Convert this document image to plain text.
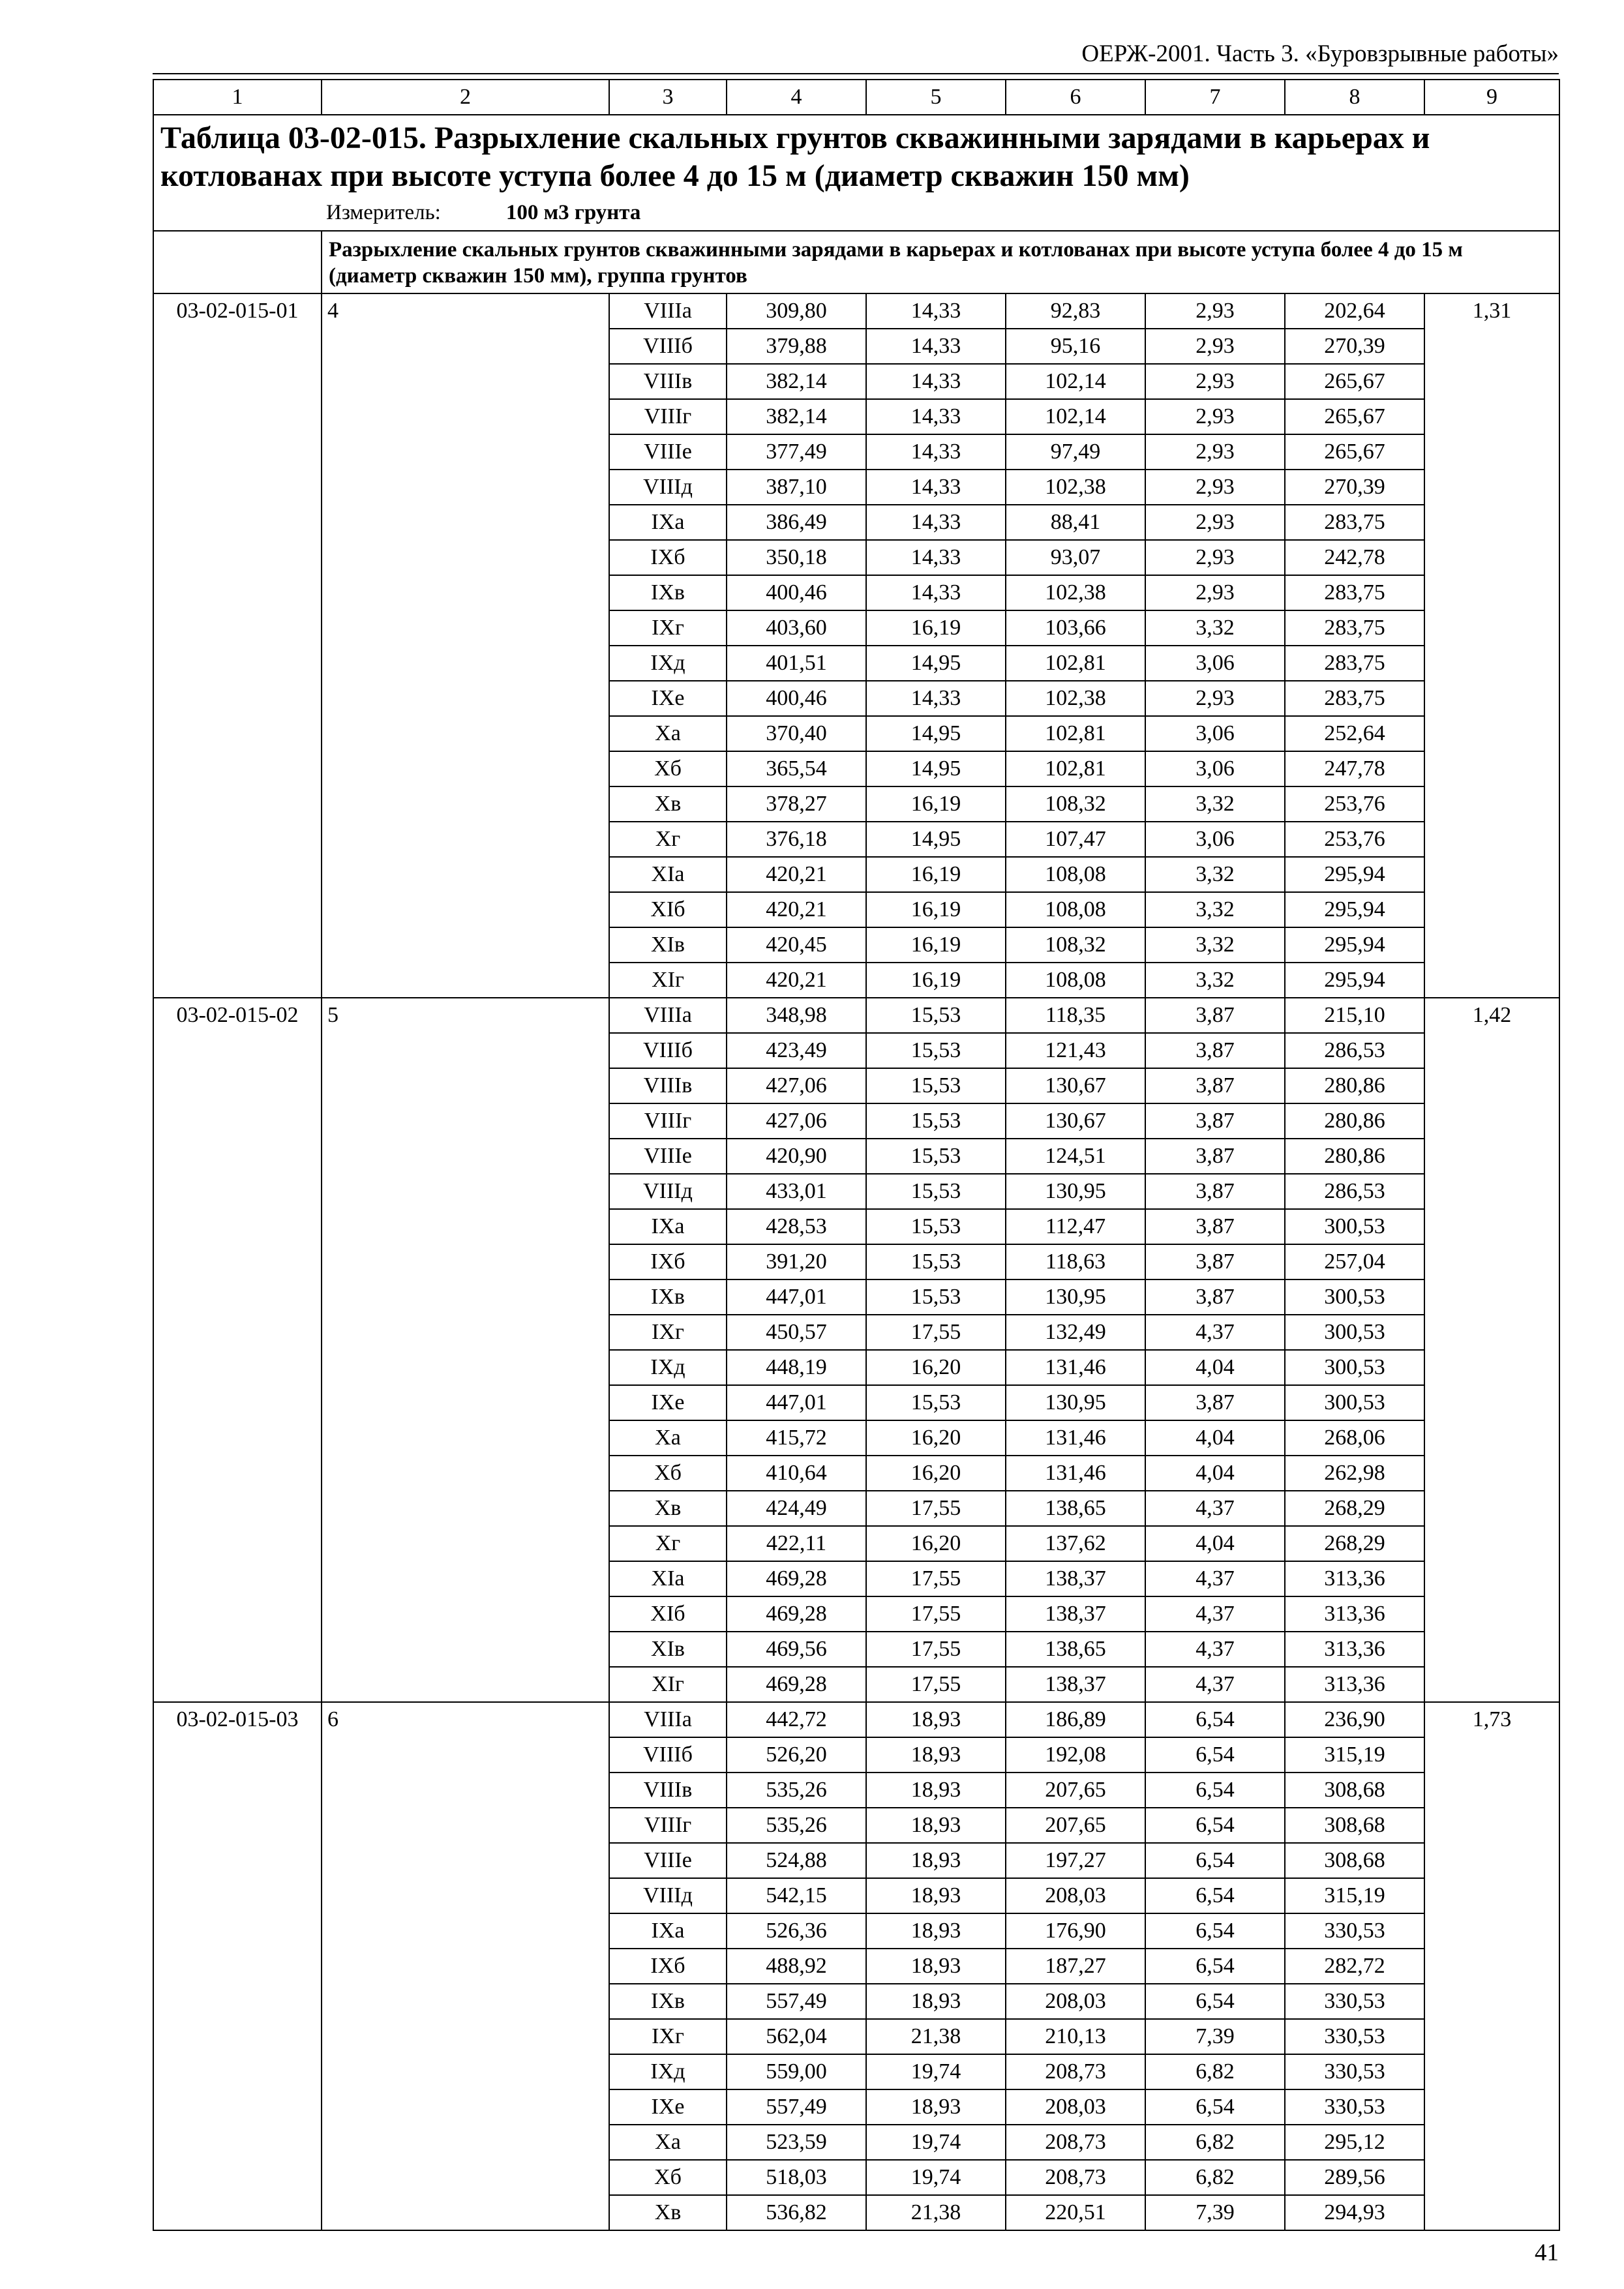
ОЕРЖ-2001. Часть 3. «Буровзрывные работы»
1	2	3	4	5	6	7	8	9

Таблица 03-02-015. Разрыхление скальных грунтов скважинными зарядами в карьерах и котлованах при высоте уступа более 4 до 15 м (диаметр скважин 150 мм)
Измеритель: 100 м3 грунта								

	Разрыхление скальных грунтов скважинными зарядами в карьерах и котлованах при высоте уступа более 4 до 15 м (диаметр скважин 150 мм), группа грунтов							
03-02-015-01	4	VIIIа	309,80	14,33	92,83	2,93	202,64	1,31
		VIIIб	379,88	14,33	95,16	2,93	270,39	
		VIIIв	382,14	14,33	102,14	2,93	265,67	
		VIIIг	382,14	14,33	102,14	2,93	265,67	
		VIIIе	377,49	14,33	97,49	2,93	265,67	
		VIIIд	387,10	14,33	102,38	2,93	270,39	
		IXа	386,49	14,33	88,41	2,93	283,75	
		IXб	350,18	14,33	93,07	2,93	242,78	
		IXв	400,46	14,33	102,38	2,93	283,75	
		IXг	403,60	16,19	103,66	3,32	283,75	
		IXд	401,51	14,95	102,81	3,06	283,75	
		IXе	400,46	14,33	102,38	2,93	283,75	
		Xа	370,40	14,95	102,81	3,06	252,64	
		Xб	365,54	14,95	102,81	3,06	247,78	
		Xв	378,27	16,19	108,32	3,32	253,76	
		Xг	376,18	14,95	107,47	3,06	253,76	
		XIа	420,21	16,19	108,08	3,32	295,94	
		XIб	420,21	16,19	108,08	3,32	295,94	
		XIв	420,45	16,19	108,32	3,32	295,94	
		XIг	420,21	16,19	108,08	3,32	295,94	
03-02-015-02	5	VIIIа	348,98	15,53	118,35	3,87	215,10	1,42
		VIIIб	423,49	15,53	121,43	3,87	286,53	
		VIIIв	427,06	15,53	130,67	3,87	280,86	
		VIIIг	427,06	15,53	130,67	3,87	280,86	
		VIIIе	420,90	15,53	124,51	3,87	280,86	
		VIIIд	433,01	15,53	130,95	3,87	286,53	
		IXа	428,53	15,53	112,47	3,87	300,53	
		IXб	391,20	15,53	118,63	3,87	257,04	
		IXв	447,01	15,53	130,95	3,87	300,53	
		IXг	450,57	17,55	132,49	4,37	300,53	
		IXд	448,19	16,20	131,46	4,04	300,53	
		IXе	447,01	15,53	130,95	3,87	300,53	
		Xа	415,72	16,20	131,46	4,04	268,06	
		Xб	410,64	16,20	131,46	4,04	262,98	
		Xв	424,49	17,55	138,65	4,37	268,29	
		Xг	422,11	16,20	137,62	4,04	268,29	
		XIа	469,28	17,55	138,37	4,37	313,36	
		XIб	469,28	17,55	138,37	4,37	313,36	
		XIв	469,56	17,55	138,65	4,37	313,36	
		XIг	469,28	17,55	138,37	4,37	313,36	
03-02-015-03	6	VIIIа	442,72	18,93	186,89	6,54	236,90	1,73
		VIIIб	526,20	18,93	192,08	6,54	315,19	
		VIIIв	535,26	18,93	207,65	6,54	308,68	
		VIIIг	535,26	18,93	207,65	6,54	308,68	
		VIIIе	524,88	18,93	197,27	6,54	308,68	
		VIIIд	542,15	18,93	208,03	6,54	315,19	
		IXа	526,36	18,93	176,90	6,54	330,53	
		IXб	488,92	18,93	187,27	6,54	282,72	
		IXв	557,49	18,93	208,03	6,54	330,53	
		IXг	562,04	21,38	210,13	7,39	330,53	
		IXд	559,00	19,74	208,73	6,82	330,53	
		IXе	557,49	18,93	208,03	6,54	330,53	
		Xа	523,59	19,74	208,73	6,82	295,12	
		Xб	518,03	19,74	208,73	6,82	289,56	
		Xв	536,82	21,38	220,51	7,39	294,93	
41
